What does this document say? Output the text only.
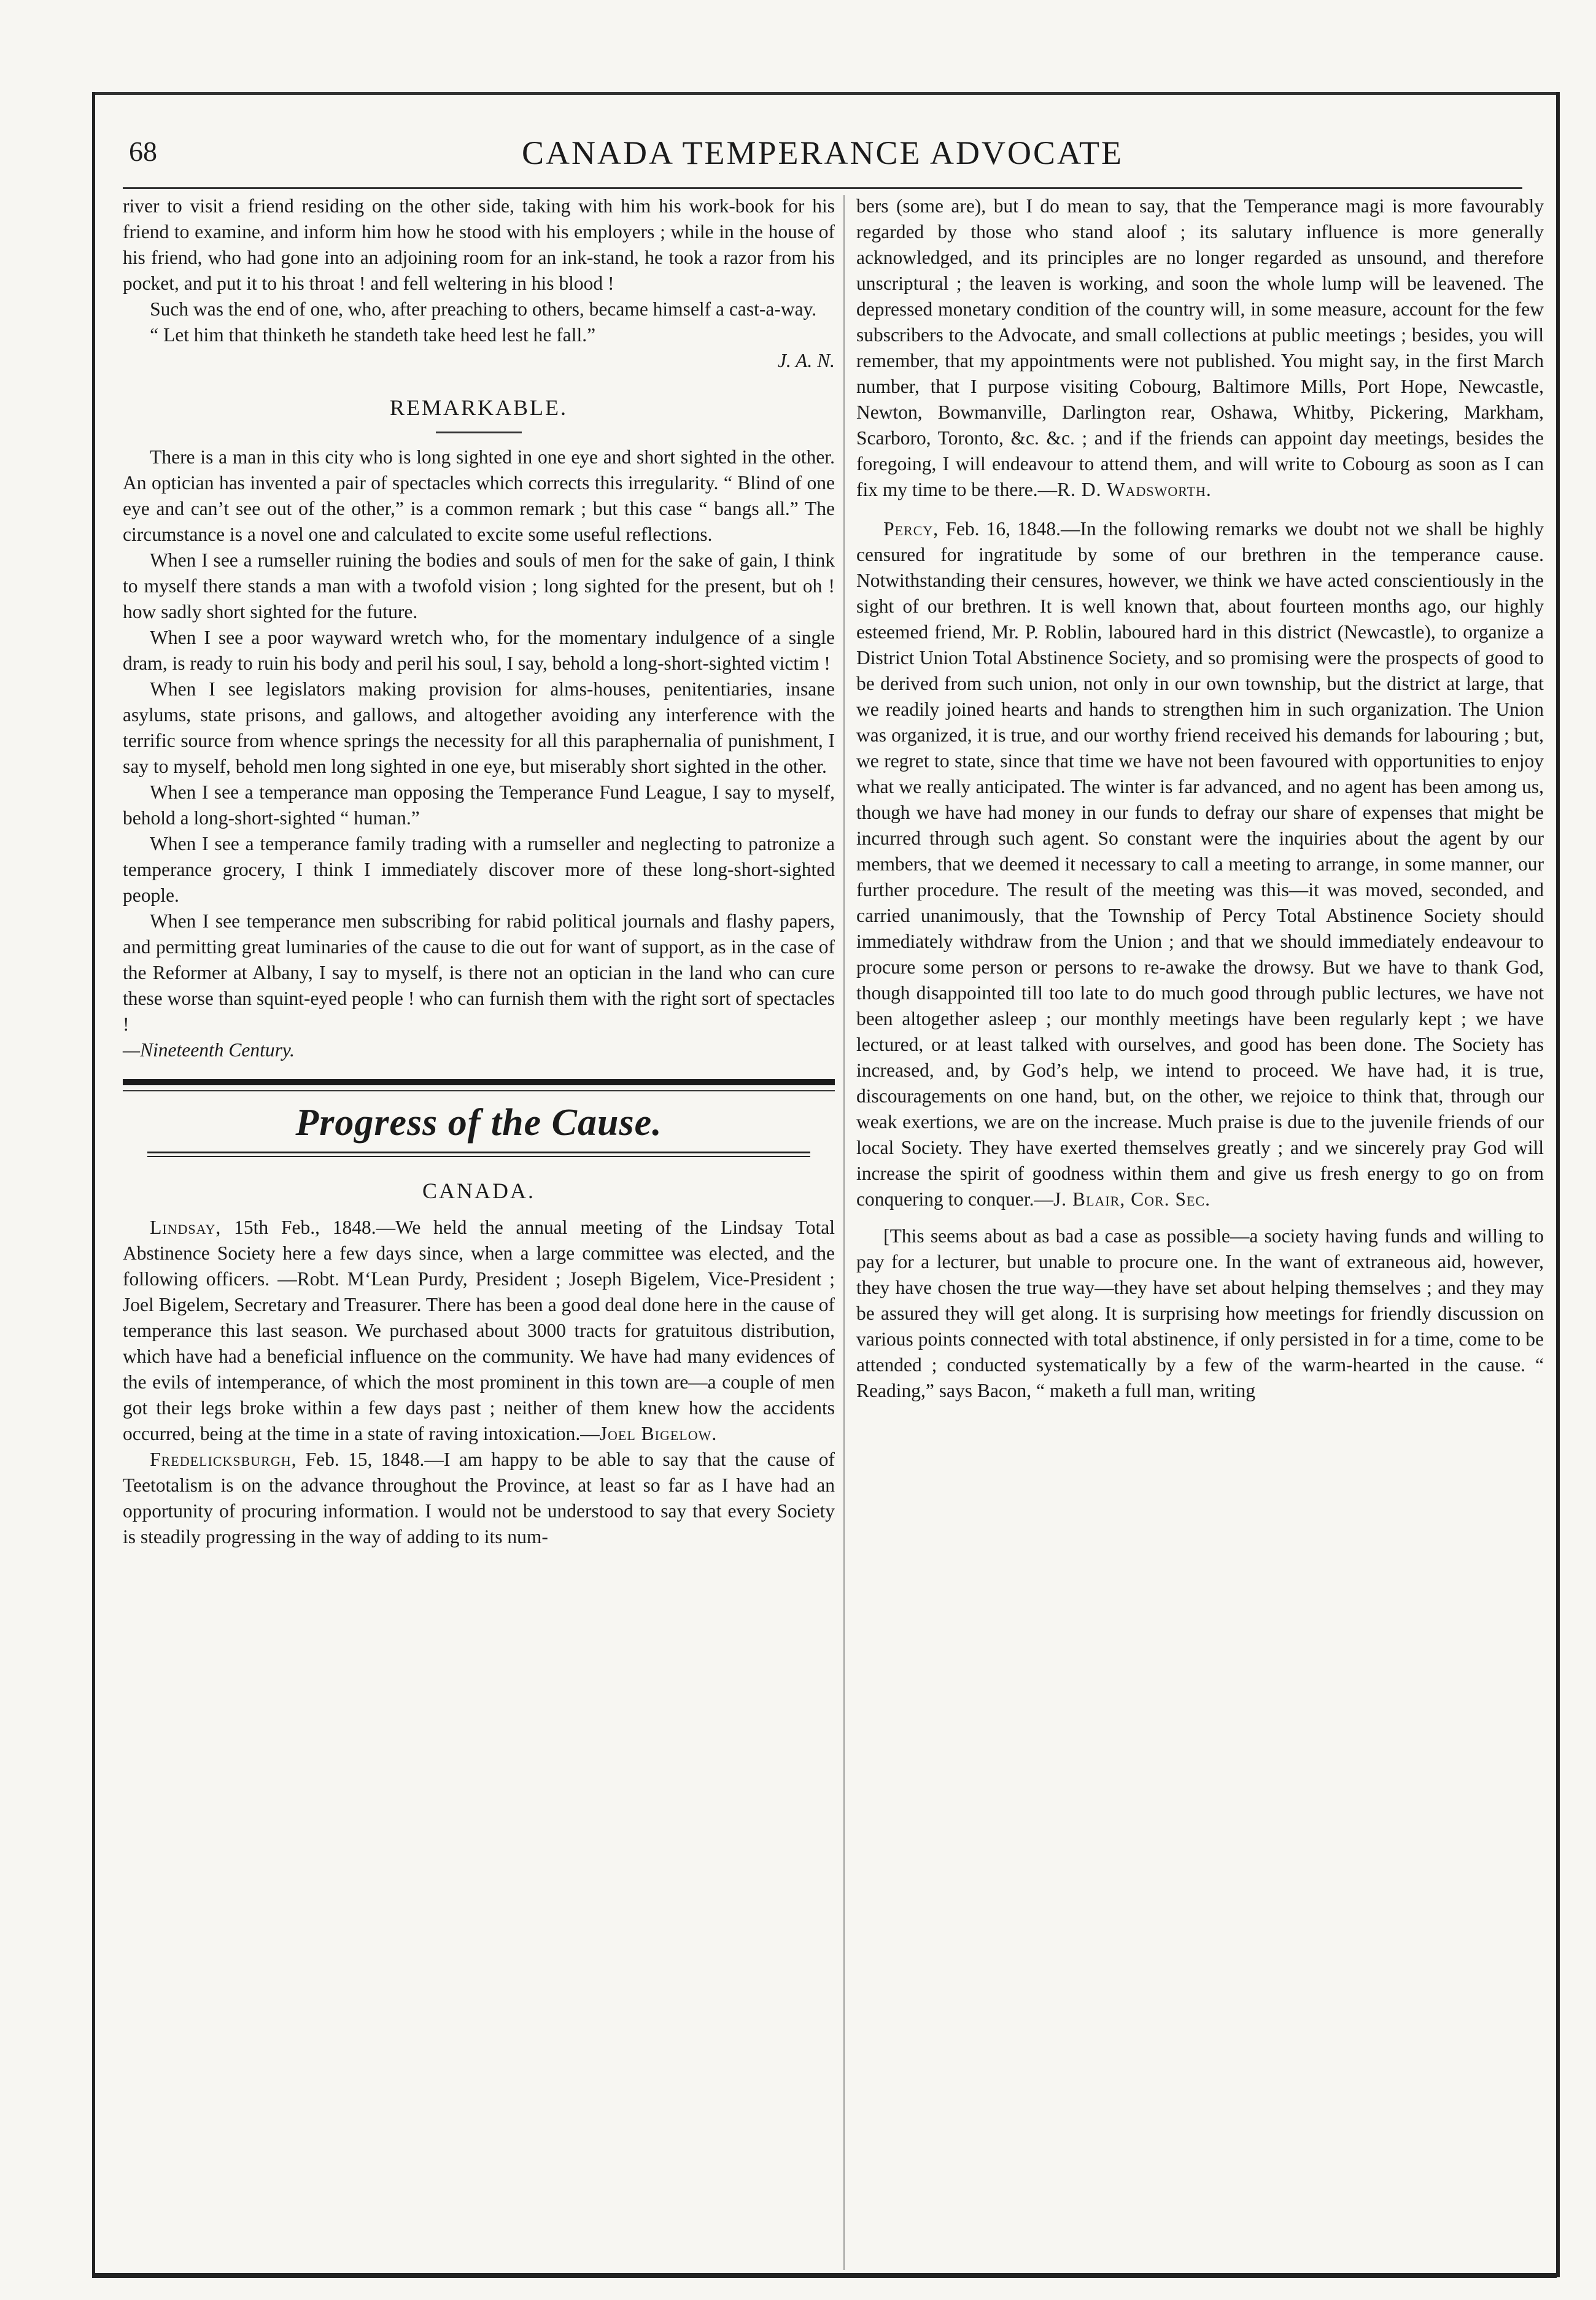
68	CANADA TEMPERANCE ADVOCATE

river to visit a friend residing on the other side, taking with him his work-book for his friend to examine, and inform him how he stood with his employers ; while in the house of his friend, who had gone into an adjoining room for an ink-stand, he took a razor from his pocket, and put it to his throat ! and fell weltering in his blood !

Such was the end of one, who, after preaching to others, became himself a cast-a-way.

“ Let him that thinketh he standeth take heed lest he fall.”

J. A. N.

REMARKABLE.

There is a man in this city who is long sighted in one eye and short sighted in the other. An optician has invented a pair of spectacles which corrects this irregularity. “ Blind of one eye and can’t see out of the other,” is a common remark ; but this case “ bangs all.” The circumstance is a novel one and calculated to excite some useful reflections.

When I see a rumseller ruining the bodies and souls of men for the sake of gain, I think to myself there stands a man with a twofold vision ; long sighted for the present, but oh ! how sadly short sighted for the future.

When I see a poor wayward wretch who, for the momentary indulgence of a single dram, is ready to ruin his body and peril his soul, I say, behold a long-short-sighted victim !

When I see legislators making provision for alms-houses, penitentiaries, insane asylums, state prisons, and gallows, and altogether avoiding any interference with the terrific source from whence springs the necessity for all this paraphernalia of punishment, I say to myself, behold men long sighted in one eye, but miserably short sighted in the other.

When I see a temperance man opposing the Temperance Fund League, I say to myself, behold a long-short-sighted “ human.”

When I see a temperance family trading with a rumseller and neglecting to patronize a temperance grocery, I think I immediately discover more of these long-short-sighted people.

When I see temperance men subscribing for rabid political journals and flashy papers, and permitting great luminaries of the cause to die out for want of support, as in the case of the Reformer at Albany, I say to myself, is there not an optician in the land who can cure these worse than squint-eyed people ! who can furnish them with the right sort of spectacles !

—Nineteenth Century.

Progress of the Cause.
CANADA.

Lindsay, 15th Feb., 1848.—We held the annual meeting of the Lindsay Total Abstinence Society here a few days since, when a large committee was elected, and the following officers. —Robt. M‘Lean Purdy, President ; Joseph Bigelem, Vice-President ; Joel Bigelem, Secretary and Treasurer. There has been a good deal done here in the cause of temperance this last season. We purchased about 3000 tracts for gratuitous distribution, which have had a beneficial influence on the community. We have had many evidences of the evils of intemperance, of which the most prominent in this town are—a couple of men got their legs broke within a few days past ; neither of them knew how the accidents occurred, being at the time in a state of raving intoxication.—Joel Bigelow.

Fredelicksburgh, Feb. 15, 1848.—I am happy to be able to say that the cause of Teetotalism is on the advance throughout the Province, at least so far as I have had an opportunity of procuring information. I would not be understood to say that every Society is steadily progressing in the way of adding to its num-

bers (some are), but I do mean to say, that the Temperance magi is more favourably regarded by those who stand aloof ; its salutary influence is more generally acknowledged, and its principles are no longer regarded as unsound, and therefore unscriptural ; the leaven is working, and soon the whole lump will be leavened. The depressed monetary condition of the country will, in some measure, account for the few subscribers to the Advocate, and small collections at public meetings ; besides, you will remember, that my appointments were not published. You might say, in the first March number, that I purpose visiting Cobourg, Baltimore Mills, Port Hope, Newcastle, Newton, Bowmanville, Darlington rear, Oshawa, Whitby, Pickering, Markham, Scarboro, Toronto, &c. &c. ; and if the friends can appoint day meetings, besides the foregoing, I will endeavour to attend them, and will write to Cobourg as soon as I can fix my time to be there.—R. D. Wadsworth.

Percy, Feb. 16, 1848.—In the following remarks we doubt not we shall be highly censured for ingratitude by some of our brethren in the temperance cause. Notwithstanding their censures, however, we think we have acted conscientiously in the sight of our brethren. It is well known that, about fourteen months ago, our highly esteemed friend, Mr. P. Roblin, laboured hard in this district (Newcastle), to organize a District Union Total Abstinence Society, and so promising were the prospects of good to be derived from such union, not only in our own township, but the district at large, that we readily joined hearts and hands to strengthen him in such organization. The Union was organized, it is true, and our worthy friend received his demands for labouring ; but, we regret to state, since that time we have not been favoured with opportunities to enjoy what we really anticipated. The winter is far advanced, and no agent has been among us, though we have had money in our funds to defray our share of expenses that might be incurred through such agent. So constant were the inquiries about the agent by our members, that we deemed it necessary to call a meeting to arrange, in some manner, our further procedure. The result of the meeting was this—it was moved, seconded, and carried unanimously, that the Township of Percy Total Abstinence Society should immediately withdraw from the Union ; and that we should immediately endeavour to procure some person or persons to re-awake the drowsy. But we have to thank God, though disappointed till too late to do much good through public lectures, we have not been altogether asleep ; our monthly meetings have been regularly kept ; we have lectured, or at least talked with ourselves, and good has been done. The Society has increased, and, by God’s help, we intend to proceed. We have had, it is true, discouragements on one hand, but, on the other, we rejoice to think that, through our weak exertions, we are on the increase. Much praise is due to the juvenile friends of our local Society. They have exerted themselves greatly ; and we sincerely pray God will increase the spirit of goodness within them and give us fresh energy to go on from conquering to conquer.—J. Blair, Cor. Sec.

[This seems about as bad a case as possible—a society having funds and willing to pay for a lecturer, but unable to procure one. In the want of extraneous aid, however, they have chosen the true way—they have set about helping themselves ; and they may be assured they will get along. It is surprising how meetings for friendly discussion on various points connected with total abstinence, if only persisted in for a time, come to be attended ; conducted systematically by a few of the warm-hearted in the cause. “ Reading,” says Bacon, “ maketh a full man, writing
